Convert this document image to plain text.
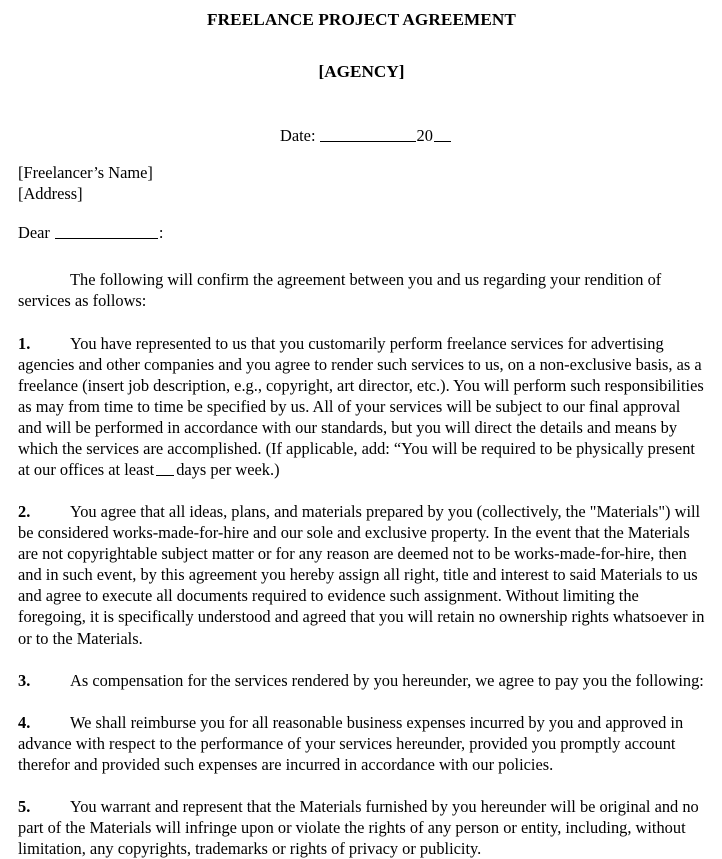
FREELANCE PROJECT AGREEMENT
[AGENCY]

Date:	20

[Freelancer’s Name]
[Address]

Dear	:

The following will confirm the agreement between you and us regarding your rendition of services as follows:

1. You have represented to us that you customarily perform freelance services for advertising agencies and other companies and you agree to render such services to us, on a non-exclusive basis, as a freelance (insert job description, e.g., copyright, art director, etc.). You will perform such responsibilities as may from time to time be specified by us. All of your services will be subject to our final approval and will be performed in accordance with our standards, but you will direct the details and means by which the services are accomplished. (If applicable, add: “You will be required to be physically present at our offices at least days per week.)

2. You agree that all ideas, plans, and materials prepared by you (collectively, the "Materials") will be considered works-made-for-hire and our sole and exclusive property. In the event that the Materials are not copyrightable subject matter or for any reason are deemed not to be works-made-for-hire, then and in such event, by this agreement you hereby assign all right, title and interest to said Materials to us and agree to execute all documents required to evidence such assignment. Without limiting the foregoing, it is specifically understood and agreed that you will retain no ownership rights whatsoever in or to the Materials.

3. As compensation for the services rendered by you hereunder, we agree to pay you the following:

4. We shall reimburse you for all reasonable business expenses incurred by you and approved in advance with respect to the performance of your services hereunder, provided you promptly account therefor and provided such expenses are incurred in accordance with our policies.

5. You warrant and represent that the Materials furnished by you hereunder will be original and no part of the Materials will infringe upon or violate the rights of any person or entity, including, without limitation, any copyrights, trademarks or rights of privacy or publicity.
